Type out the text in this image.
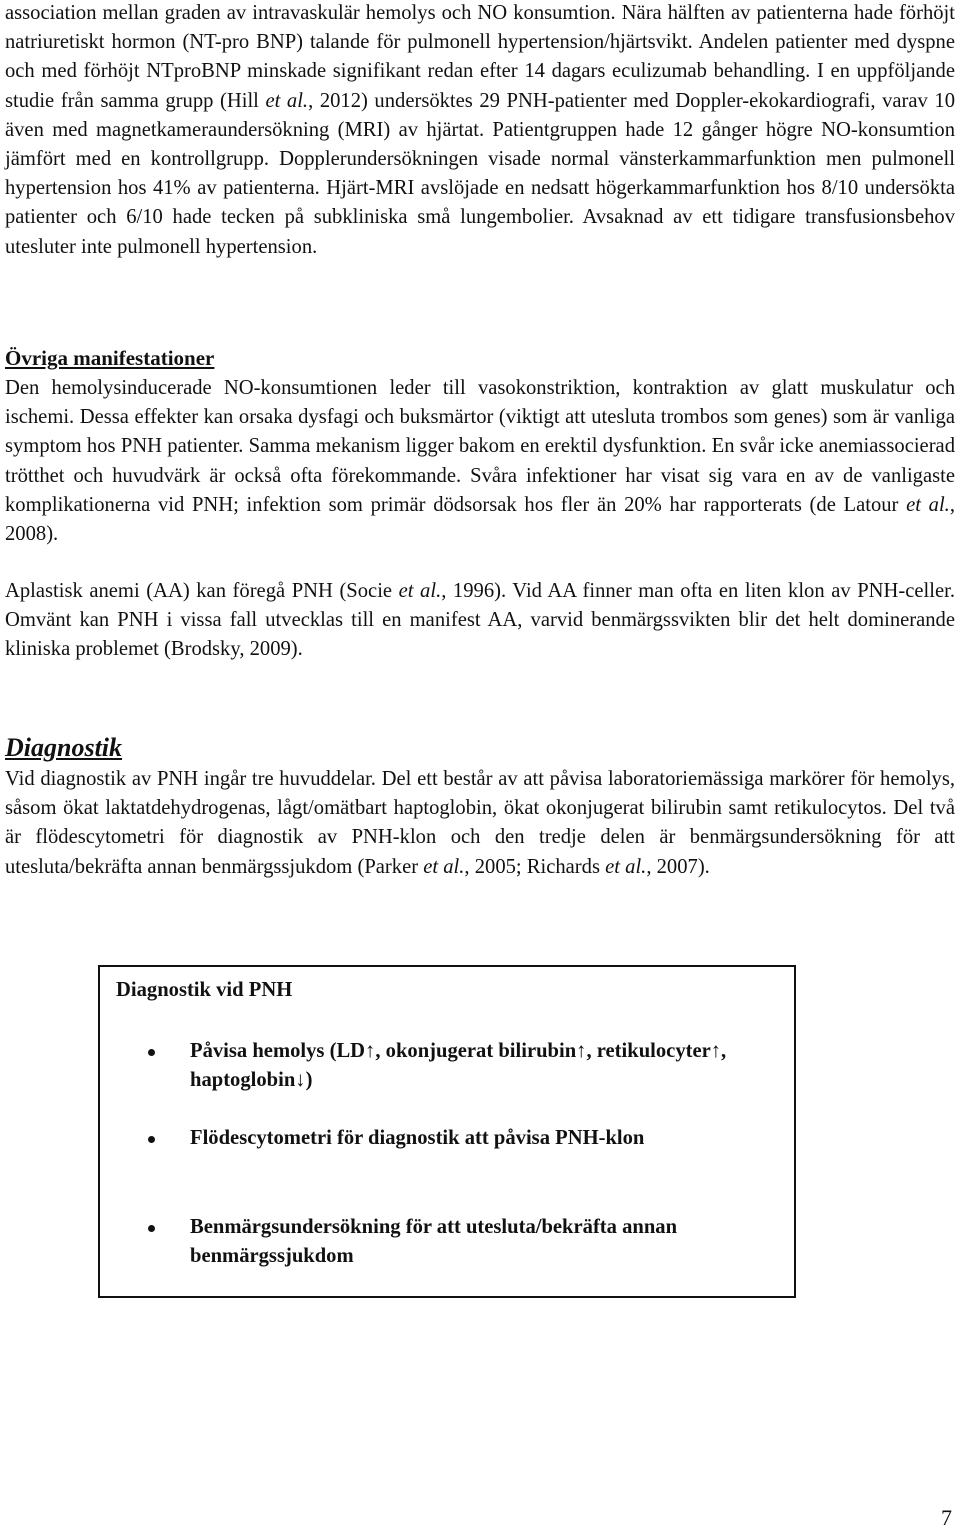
association mellan graden av intravaskulär hemolys och NO konsumtion. Nära hälften av patienterna hade förhöjt natriuretiskt hormon (NT-pro BNP) talande för pulmonell hypertension/hjärtsvikt. Andelen patienter med dyspne och med förhöjt NTproBNP minskade signifikant redan efter 14 dagars eculizumab behandling. I en uppföljande studie från samma grupp (Hill et al., 2012) undersöktes 29 PNH-patienter med Doppler-ekokardiografi, varav 10 även med magnetkameraundersökning (MRI) av hjärtat. Patientgruppen hade 12 gånger högre NO-konsumtion jämfört med en kontrollgrupp. Dopplerundersökningen visade normal vänsterkammarfunktion men pulmonell hypertension hos 41% av patienterna. Hjärt-MRI avslöjade en nedsatt högerkammarfunktion hos 8/10 undersökta patienter och 6/10 hade tecken på subkliniska små lungembolier. Avsaknad av ett tidigare transfusionsbehov utesluter inte pulmonell hypertension.

Övriga manifestationer

Den hemolysinducerade NO-konsumtionen leder till vasokonstriktion, kontraktion av glatt muskulatur och ischemi. Dessa effekter kan orsaka dysfagi och buksmärtor (viktigt att utesluta trombos som genes) som är vanliga symptom hos PNH patienter. Samma mekanism ligger bakom en erektil dysfunktion. En svår icke anemiassocierad trötthet och huvudvärk är också ofta förekommande. Svåra infektioner har visat sig vara en av de vanligaste komplikationerna vid PNH; infektion som primär dödsorsak hos fler än 20% har rapporterats (de Latour et al., 2008).

Aplastisk anemi (AA) kan föregå PNH (Socie et al., 1996). Vid AA finner man ofta en liten klon av PNH-celler. Omvänt kan PNH i vissa fall utvecklas till en manifest AA, varvid benmärgssvikten blir det helt dominerande kliniska problemet (Brodsky, 2009).

Diagnostik

Vid diagnostik av PNH ingår tre huvuddelar. Del ett består av att påvisa laboratoriemässiga markörer för hemolys, såsom ökat laktatdehydrogenas, lågt/omätbart haptoglobin, ökat okonjugerat bilirubin samt retikulocytos. Del två är flödescytometri för diagnostik av PNH-klon och den tredje delen är benmärgsundersökning för att utesluta/bekräfta annan benmärgssjukdom (Parker et al., 2005; Richards et al., 2007).

Diagnostik vid PNH
Påvisa hemolys (LD↑, okonjugerat bilirubin↑, retikulocyter↑, haptoglobin↓)
Flödescytometri för diagnostik att påvisa PNH-klon
Benmärgsundersökning för att utesluta/bekräfta annan benmärgssjukdom
7
